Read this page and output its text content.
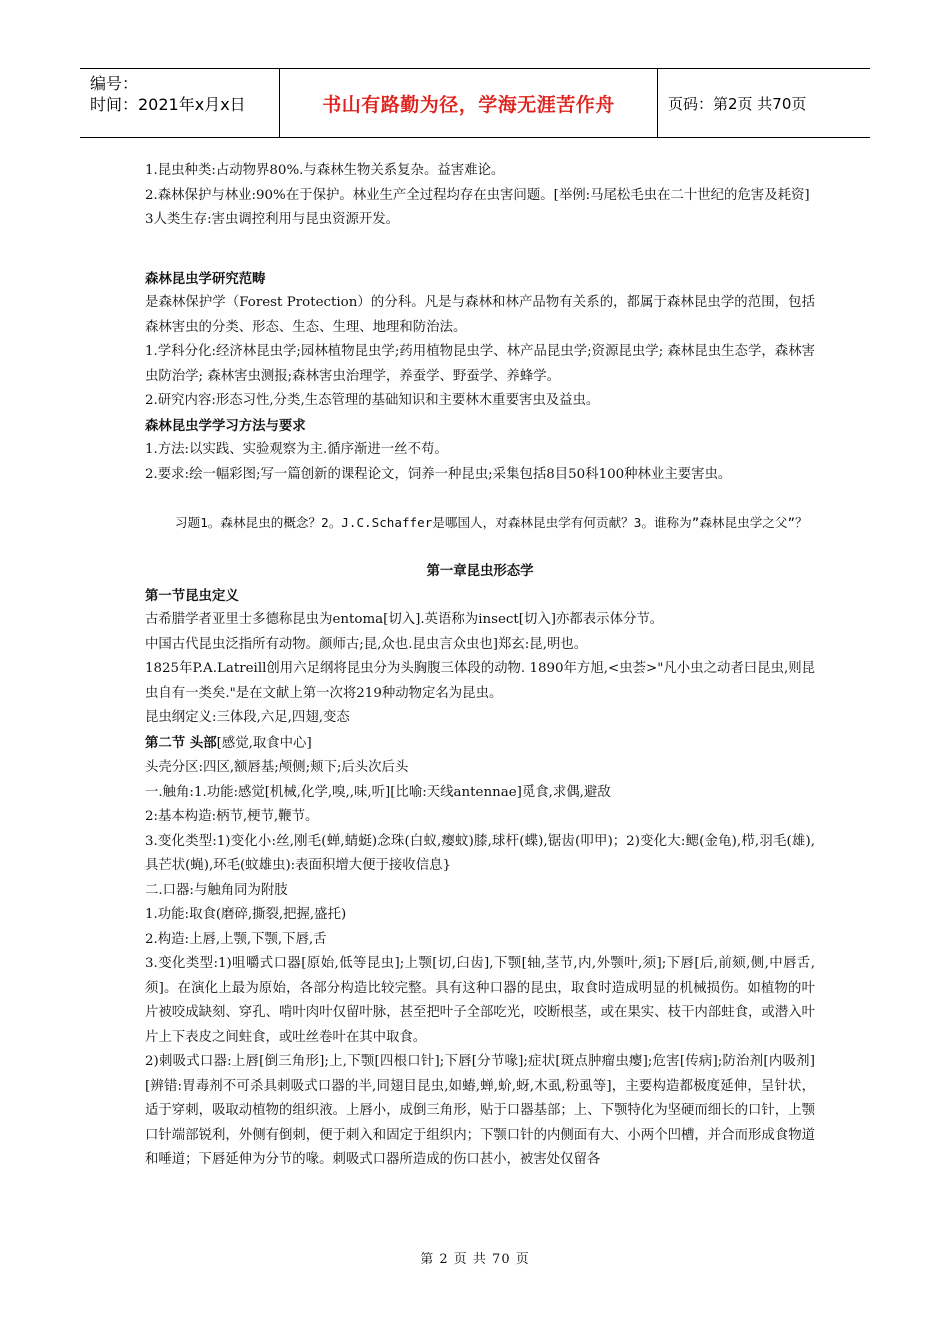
编号：
时间：2021年x月x日	书山有路勤为径，学海无涯苦作舟	页码：第2页 共70页

1.昆虫种类:占动物界80%.与森林生物关系复杂。益害难论。

2.森林保护与林业:90%在于保护。林业生产全过程均存在虫害问题。[举例:马尾松毛虫在二十世纪的危害及耗资]

3人类生存:害虫调控利用与昆虫资源开发。

森林昆虫学研究范畴

是森林保护学（Forest Protection）的分科。凡是与森林和林产品物有关系的，都属于森林昆虫学的范围，包括森林害虫的分类、形态、生态、生理、地理和防治法。

1.学科分化:经济林昆虫学;园林植物昆虫学;药用植物昆虫学、林产品昆虫学;资源昆虫学; 森林昆虫生态学，森林害虫防治学; 森林害虫测报;森林害虫治理学，养蚕学、野蚕学、养蜂学。

2.研究内容:形态习性,分类,生态管理的基础知识和主要林木重要害虫及益虫。

森林昆虫学学习方法与要求

1.方法:以实践、实验观察为主.循序渐进一丝不苟。

2.要求:绘一幅彩图;写一篇创新的课程论文，饲养一种昆虫;采集包括8目50科100种林业主要害虫。

习题1。森林昆虫的概念？2。J.C.Schaffer是哪国人，对森林昆虫学有何贡献？3。谁称为”森林昆虫学之父”？

第一章昆虫形态学

第一节昆虫定义

古希腊学者亚里士多德称昆虫为entoma[切入].英语称为insect[切入]亦都表示体分节。

中国古代昆虫泛指所有动物。颜师古;昆,众也.昆虫言众虫也]郑玄:昆,明也。

1825年P.A.Latreill创用六足纲将昆虫分为头胸腹三体段的动物. 1890年方旭,<虫荟>"凡小虫之动者曰昆虫,则昆虫自有一类矣."是在文献上第一次将219种动物定名为昆虫。

昆虫纲定义:三体段,六足,四翅,变态

第二节 头部[感觉,取食中心]

头壳分区:四区,额唇基;颅侧;颊下;后头次后头

一.触角:1.功能:感觉[机械,化学,嗅,,味,听][比喻:天线antennae]觅食,求偶,避敌

2:基本构造:柄节,梗节,鞭节。

3.变化类型:1)变化小:丝,刚毛(蝉,蜻蜓)念珠(白蚁,瘿蚊)膝,球杆(蝶),锯齿(叩甲)；2)变化大:鳃(金龟),栉,羽毛(雄),具芒状(蝇),环毛(蚊雄虫):表面积增大便于接收信息}

二.口器:与触角同为附肢

1.功能:取食(磨碎,撕裂,把握,盛托)

2.构造:上唇,上颚,下颚,下唇,舌

3.变化类型:1)咀嚼式口器[原始,低等昆虫];上颚[切,臼齿],下颚[轴,茎节,内,外颚叶,须];下唇[后,前颏,侧,中唇舌,须]。在演化上最为原始，各部分构造比较完整。具有这种口器的昆虫，取食时造成明显的机械损伤。如植物的叶片被咬成缺刻、穿孔、啃叶肉叶仅留叶脉，甚至把叶子全部吃光，咬断根茎，或在果实、枝干内部蛀食，或潜入叶片上下表皮之间蛀食，或吐丝卷叶在其中取食。

2)刺吸式口器:上唇[倒三角形];上,下颚[四根口针];下唇[分节喙];症状[斑点肿瘤虫瘿];危害[传病];防治剂[内吸剂][辨错:胃毒剂不可杀具刺吸式口器的半,同翅目昆虫,如蝽,蝉,蚧,蚜,木虱,粉虱等]，主要构造都极度延伸，呈针状，适于穿刺，吸取动植物的组织液。上唇小，成倒三角形，贴于口器基部；上、下颚特化为坚硬而细长的口针，上颚口针端部锐利，外侧有倒刺，便于刺入和固定于组织内；下颚口针的内侧面有大、小两个凹槽，并合而形成食物道和唾道；下唇延伸为分节的喙。刺吸式口器所造成的伤口甚小，被害处仅留各

第 2 页 共 70 页
